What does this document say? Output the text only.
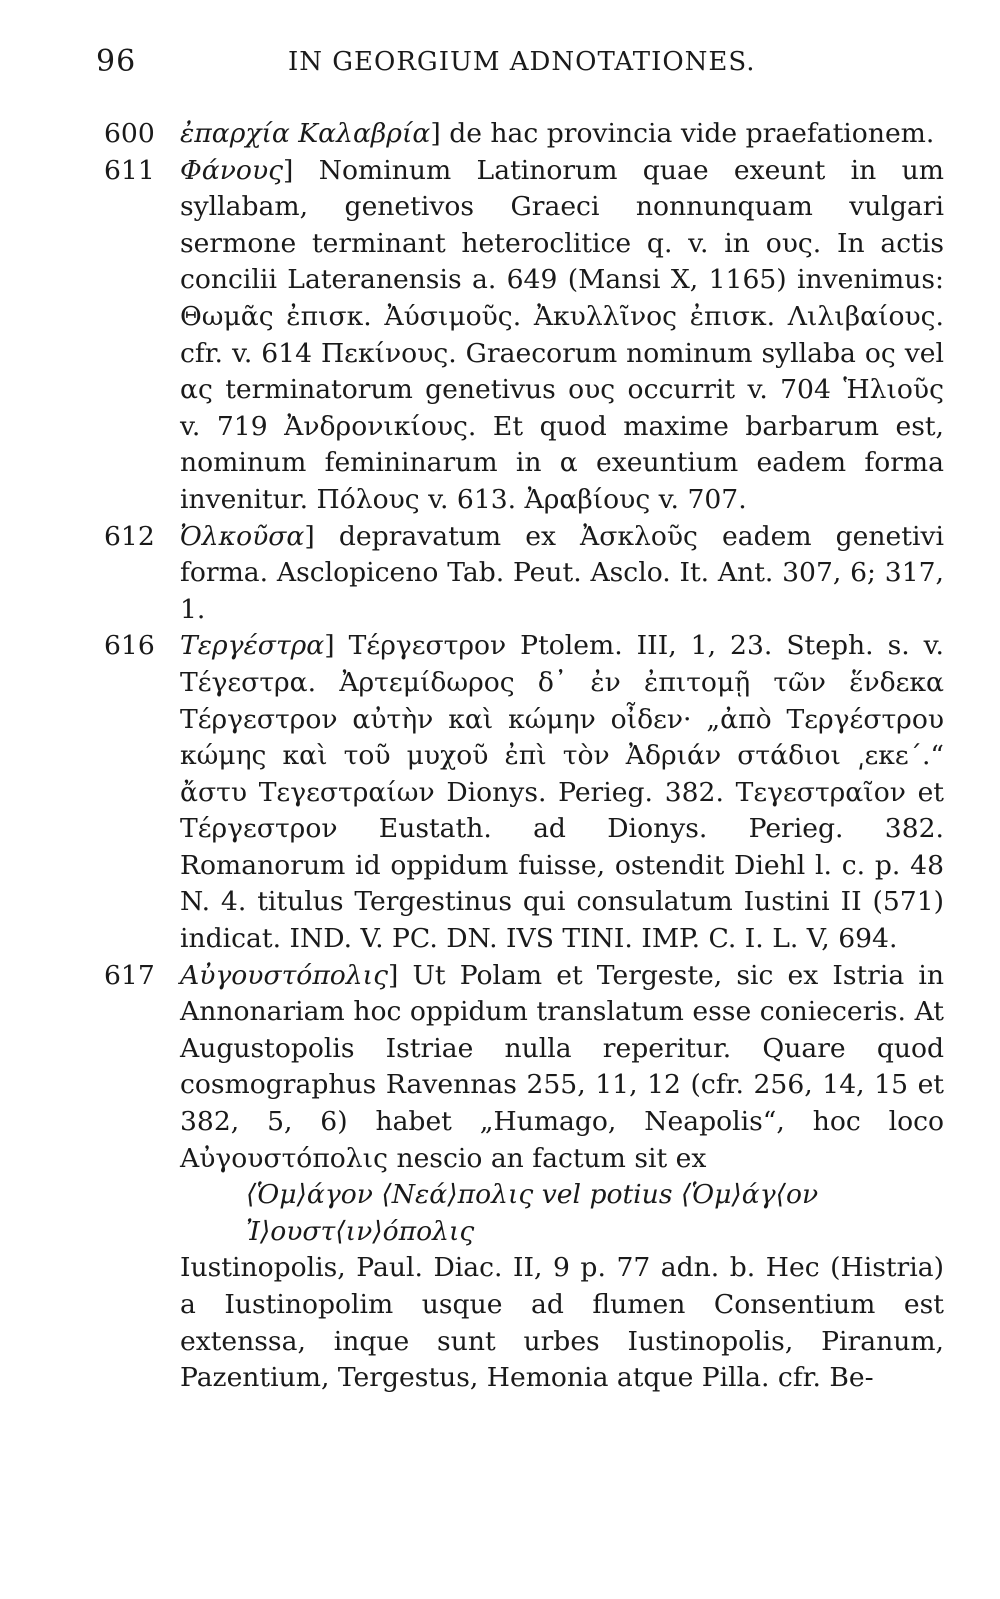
96	IN GEORGIUM ADNOTATIONES.

600 ἐπαρχία Καλαβρία] de hac provincia vide praefationem.

611 Φάνους] Nominum Latinorum quae exeunt in um syllabam, genetivos Graeci nonnunquam vulgari sermone terminant heteroclitice q. v. in ους. In actis concilii Lateranensis a. 649 (Mansi X, 1165) invenimus: Θωμᾶς ἐπισκ. Ἀύσιμοῦς. Ἀκυλλῖνος ἐπισκ. Λιλιβαίους. cfr. v. 614 Πεκίνους. Graecorum nominum syllaba ος vel ας terminatorum genetivus ους occurrit v. 704 Ἡλιοῦς v. 719 Ἀνδρονικίους. Et quod maxime barbarum est, nominum femininarum in α exeuntium eadem forma invenitur. Πόλους v. 613. Ἀραβίους v. 707.

612 Ὀλκοῦσα] depravatum ex Ἀσκλοῦς eadem genetivi forma. Asclopiceno Tab. Peut. Asclo. It. Ant. 307, 6; 317, 1.

616 Τεργέστρα] Τέργεστρον Ptolem. III, 1, 23. Steph. s. v. Τέγεστρα. Ἀρτεμίδωρος δ᾽ ἐν ἐπιτομῇ τῶν ἕνδεκα Τέργεστρον αὐτὴν καὶ κώμην οἶδεν· „ἀπὸ Τεργέστρου κώμης καὶ τοῦ μυχοῦ ἐπὶ τὸν Ἀδριάν στάδιοι ͵εκε΄.“ ἄστυ Τεγεστραίων Dionys. Perieg. 382. Τεγεστραῖον et Τέργεστρον Eustath. ad Dionys. Perieg. 382. Romanorum id oppidum fuisse, ostendit Diehl l. c. p. 48 N. 4. titulus Tergestinus qui consulatum Iustini II (571) indicat. IND. V. PC. DN. IVS TINI. IMP. C. I. L. V, 694.

617 Αὐγουστόπολις] Ut Polam et Tergeste, sic ex Istria in Annonariam hoc oppidum translatum esse conieceris. At Augustopolis Istriae nulla reperitur. Quare quod cosmographus Ravennas 255, 11, 12 (cfr. 256, 14, 15 et 382, 5, 6) habet „Humago, Neapolis“, hoc loco Αὐγουστόπολις nescio an factum sit ex

⟨Ὁμ⟩άγον ⟨Νεά⟩πολις vel potius ⟨Ὁμ⟩άγ⟨ον
Ἰ⟩ουστ⟨ιν⟩όπολις

Iustinopolis, Paul. Diac. II, 9 p. 77 adn. b. Hec (Histria) a Iustinopolim usque ad flumen Consentium est extenssa, inque sunt urbes Iustinopolis, Piranum, Pazentium, Tergestus, Hemonia atque Pilla. cfr. Be-
